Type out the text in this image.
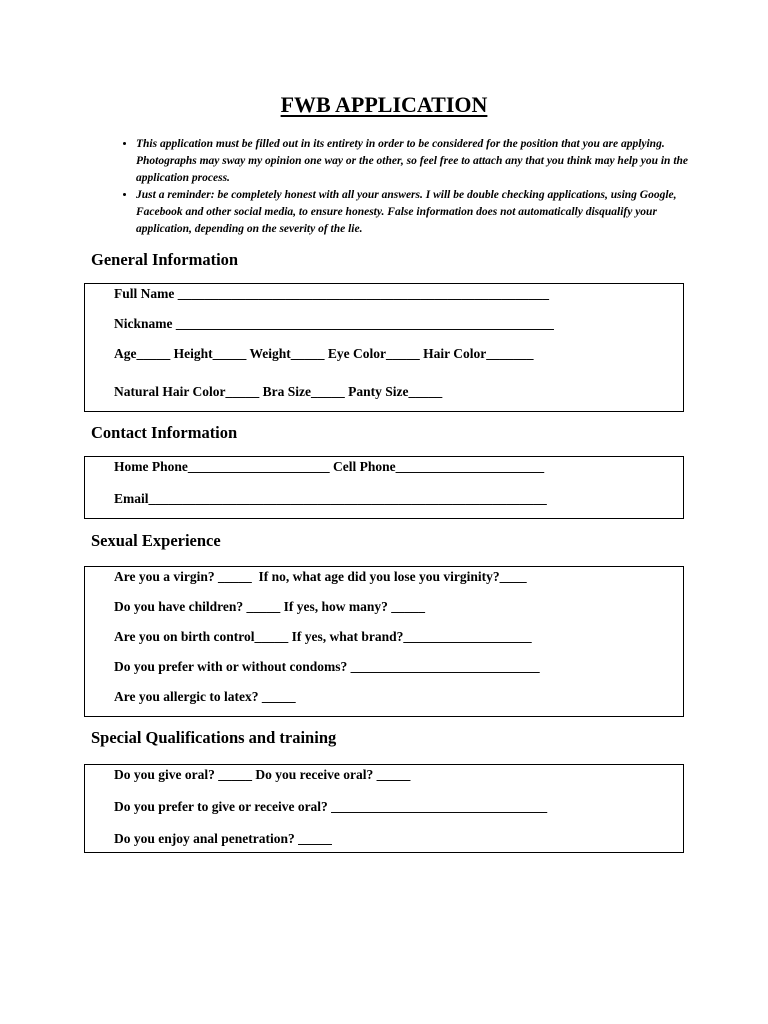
FWB APPLICATION
• This application must be filled out in its entirety in order to be considered for the position that you are applying. Photographs may sway my opinion one way or the other, so feel free to attach any that you think may help you in the application process.
• Just a reminder: be completely honest with all your answers. I will be double checking applications, using Google, Facebook and other social media, to ensure honesty. False information does not automatically disqualify your application, depending on the severity of the lie.
General Information
Full Name _______________________________________________________
Nickname ________________________________________________________
Age_____ Height_____ Weight_____ Eye Color_____ Hair Color_______
Natural Hair Color_____ Bra Size_____ Panty Size_____
Contact Information
Home Phone_____________________ Cell Phone______________________
Email___________________________________________________________
Sexual Experience
Are you a virgin? _____  If no, what age did you lose you virginity?____
Do you have children? _____ If yes, how many? _____
Are you on birth control_____ If yes, what brand?___________________
Do you prefer with or without condoms? ____________________________
Are you allergic to latex? _____
Special Qualifications and training
Do you give oral? _____ Do you receive oral? _____
Do you prefer to give or receive oral? ________________________________
Do you enjoy anal penetration? _____
